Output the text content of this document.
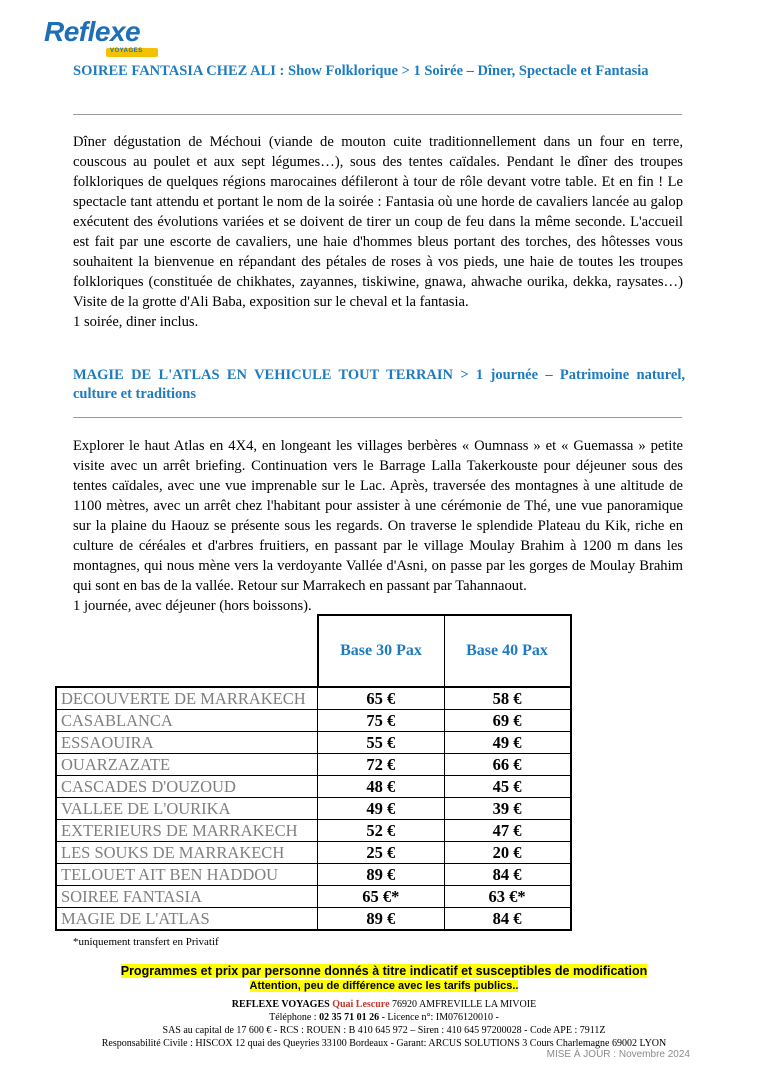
Reflexe
VOYAGES
SOIREE FANTASIA CHEZ ALI : Show Folklorique > 1 Soirée – Dîner, Spectacle et Fantasia
Dîner dégustation de Méchoui (viande de mouton cuite traditionnellement dans un four en terre, couscous au poulet et aux sept légumes…), sous des tentes caïdales. Pendant le dîner des troupes folkloriques de quelques régions marocaines défileront à tour de rôle devant votre table. Et en fin ! Le spectacle tant attendu et portant le nom de la soirée : Fantasia où une horde de cavaliers lancée au galop exécutent des évolutions variées et se doivent de tirer un coup de feu dans la même seconde. L'accueil est fait par une escorte de cavaliers, une haie d'hommes bleus portant des torches, des hôtesses vous souhaitent la bienvenue en répandant des pétales de roses à vos pieds, une haie de toutes les troupes folkloriques (constituée de chikhates, zayannes, tiskiwine, gnawa, ahwache ourika, dekka, raysates…) Visite de la grotte d'Ali Baba, exposition sur le cheval et la fantasia.
1 soirée, diner inclus.
MAGIE DE L'ATLAS EN VEHICULE TOUT TERRAIN > 1 journée – Patrimoine naturel, culture et traditions
Explorer le haut Atlas en 4X4, en longeant les villages berbères « Oumnass » et « Guemassa » petite visite avec un arrêt briefing. Continuation vers le Barrage Lalla Takerkouste pour déjeuner sous des tentes caïdales, avec une vue imprenable sur le Lac. Après, traversée des montagnes à une altitude de 1100 mètres, avec un arrêt chez l'habitant pour assister à une cérémonie de Thé, une vue panoramique sur la plaine du Haouz se présente sous les regards. On traverse le splendide Plateau du Kik, riche en culture de céréales et d'arbres fruitiers, en passant par le village Moulay Brahim à 1200 m dans les montagnes, qui nous mène vers la verdoyante Vallée d'Asni, on passe par les gorges de Moulay Brahim qui sont en bas de la vallée. Retour sur Marrakech en passant par Tahannaout.
1 journée, avec déjeuner (hors boissons).
	Base 30 Pax	Base 40 Pax
DECOUVERTE DE MARRAKECH	65 €	58 €
CASABLANCA	75 €	69 €
ESSAOUIRA	55 €	49 €
OUARZAZATE	72 €	66 €
CASCADES D'OUZOUD	48 €	45 €
VALLEE DE L'OURIKA	49 €	39 €
EXTERIEURS DE MARRAKECH	52 €	47 €
LES SOUKS DE MARRAKECH	25 €	20 €
TELOUET AIT BEN HADDOU	89 €	84 €
SOIREE FANTASIA	65 €*	63 €*
MAGIE DE L'ATLAS	89 €	84 €
*uniquement transfert en Privatif
Programmes et prix par personne donnés à titre indicatif et susceptibles de modification
Attention, peu de différence avec les tarifs publics..
REFLEXE VOYAGES Quai Lescure 76920 AMFREVILLE LA MIVOIE
Téléphone : 02 35 71 01 26 - Licence n°: IM076120010 -
SAS au capital de 17 600 € - RCS : ROUEN : B 410 645 972 – Siren : 410 645 97200028 - Code APE : 7911Z
Responsabilité Civile : HISCOX 12 quai des Queyries 33100 Bordeaux - Garant: ARCUS SOLUTIONS 3 Cours Charlemagne 69002 LYON
MISE À JOUR : Novembre 2024
